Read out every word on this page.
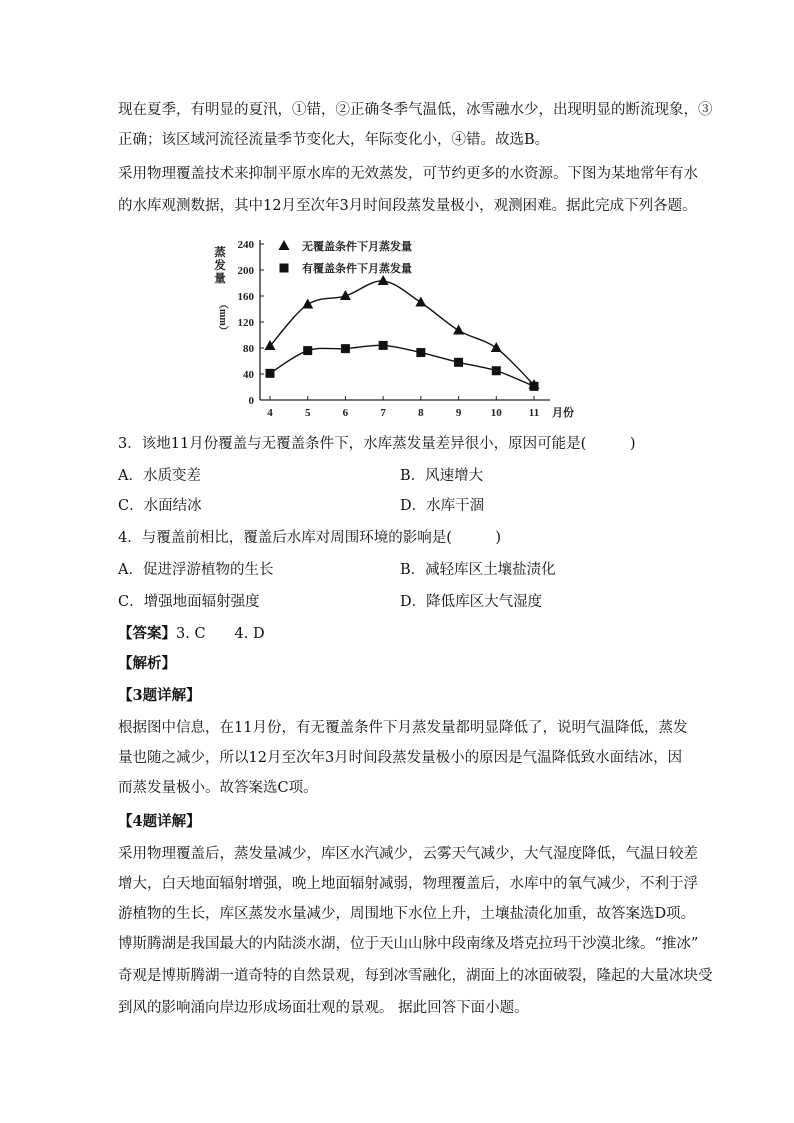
现在夏季，有明显的夏汛，①错，②正确冬季气温低，冰雪融水少，出现明显的断流现象，③
正确；该区域河流径流量季节变化大，年际变化小，④错。故选B。
采用物理覆盖技术来抑制平原水库的无效蒸发，可节约更多的水资源。下图为某地常年有水
的水库观测数据，其中12月至次年3月时间段蒸发量极小，观测困难。据此完成下列各题。
0
40
80
120
160
200
240
4	5	6	7	8	9	10 11 月份
蒸
发
量
（mm）
无覆盖条件下月蒸发量
有覆盖条件下月蒸发量
3．该地11月份覆盖与无覆盖条件下，水库蒸发量差异很小，原因可能是(　　　)
A．水质变差	B．风速增大
C．水面结冰	D．水库干涸
4．与覆盖前相比，覆盖后水库对周围环境的影响是(　　　)
A．促进浮游植物的生长	B．减轻库区土壤盐渍化
C．增强地面辐射强度	D．降低库区大气湿度
【答案】3. C　　4. D
【解析】
【3题详解】
根据图中信息，在11月份，有无覆盖条件下月蒸发量都明显降低了，说明气温降低，蒸发
量也随之减少，所以12月至次年3月时间段蒸发量极小的原因是气温降低致水面结冰，因
而蒸发量极小。故答案选C项。
【4题详解】
采用物理覆盖后，蒸发量减少，库区水汽减少，云雾天气减少，大气湿度降低，气温日较差
增大，白天地面辐射增强，晚上地面辐射减弱，物理覆盖后，水库中的氧气减少，不利于浮
游植物的生长，库区蒸发水量减少，周围地下水位上升，土壤盐渍化加重，故答案选D项。
博斯腾湖是我国最大的内陆淡水湖，位于天山山脉中段南缘及塔克拉玛干沙漠北缘。“推冰”
奇观是博斯腾湖一道奇特的自然景观，每到冰雪融化，湖面上的冰面破裂，隆起的大量冰块受
到风的影响涌向岸边形成场面壮观的景观。 据此回答下面小题。
